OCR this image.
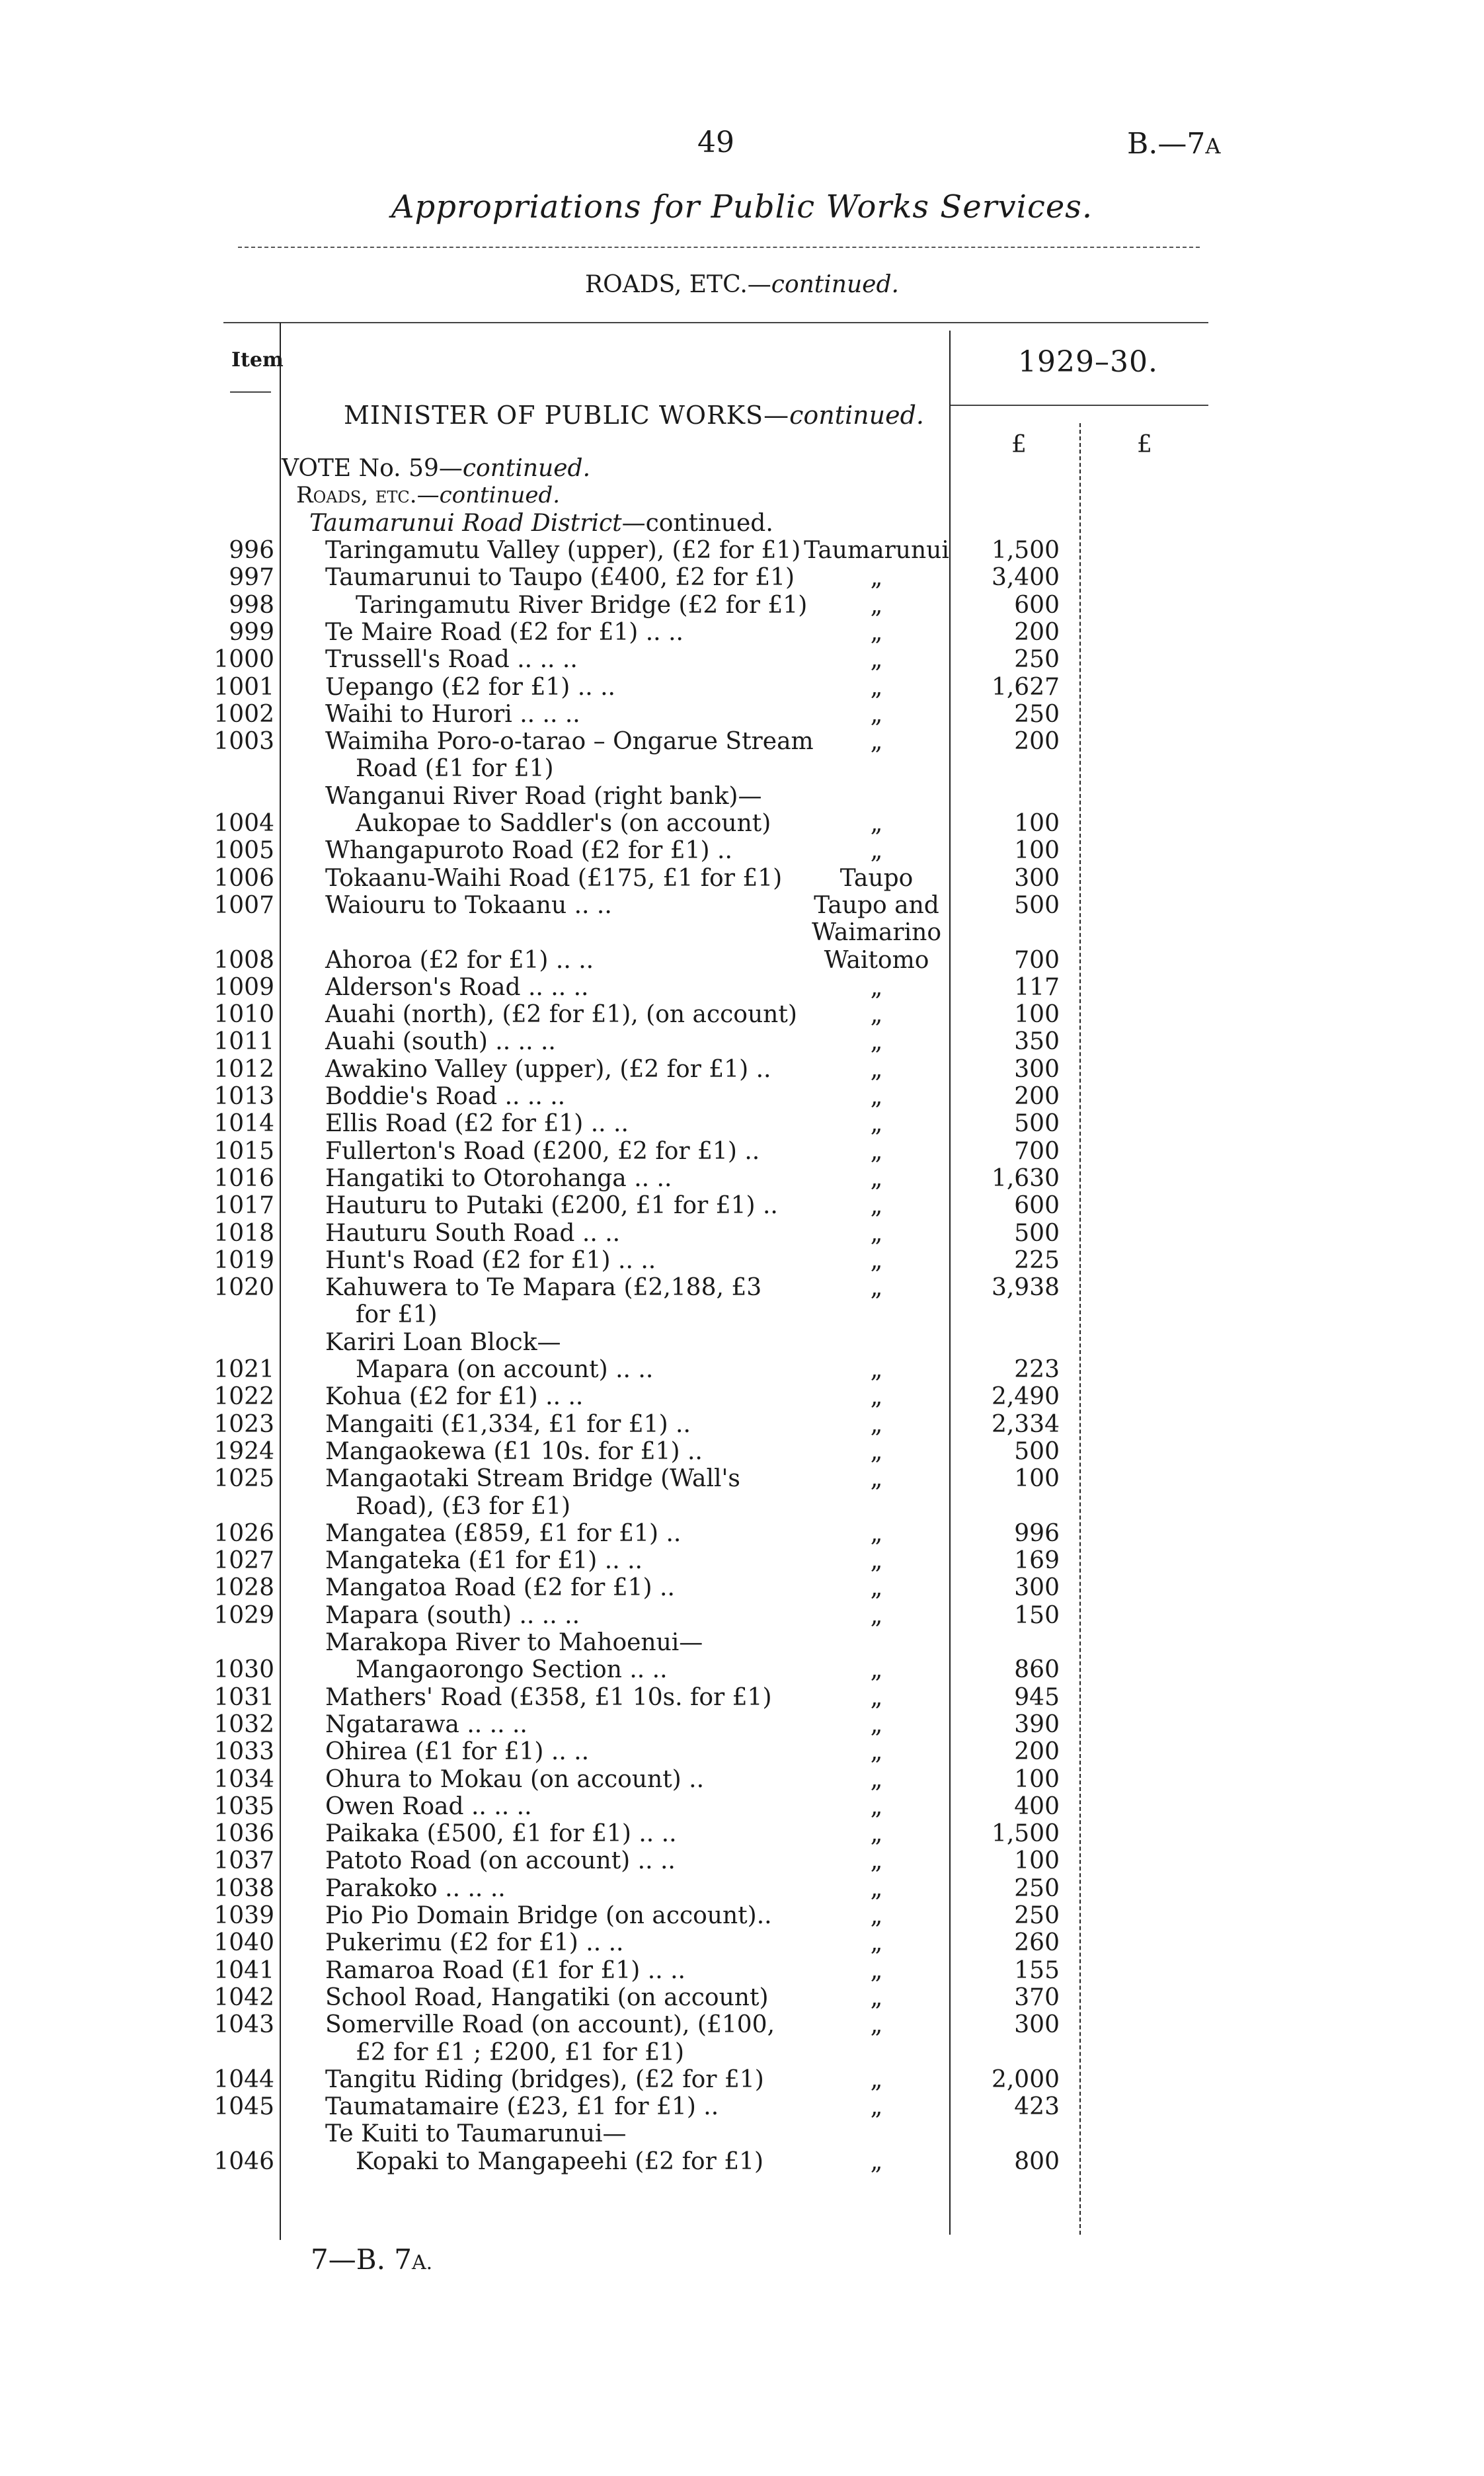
49	B.—7A
Appropriations for Public Works Services.
ROADS, ETC.—continued.
Item	1929–30.
£	£
MINISTER OF PUBLIC WORKS—continued.
VOTE No. 59—continued.
Roads, etc.—continued.
Taumarunui Road District—continued.
996 Taringamutu Valley (upper), (£2 for £1) Taumarunui 1,500
997 Taumarunui to Taupo (£400, £2 for £1)	„	3,400
998	Taringamutu River Bridge (£2 for £1)	„	600
999 Te Maire Road (£2 for £1) .. ..	„	200
1000 Trussell's Road .. .. ..	„	250
1001 Uepango (£2 for £1) .. ..	„	1,627
1002 Waihi to Hurori .. .. ..	„	250
1003 Waimiha Poro-o-tarao – Ongarue Stream	„	200
Road (£1 for £1)
Wanganui River Road (right bank)—
1004	Aukopae to Saddler's (on account)	„	100
1005 Whangapuroto Road (£2 for £1) ..	„	100
1006 Tokaanu-Waihi Road (£175, £1 for £1)	Taupo	300
1007 Waiouru to Tokaanu .. ..	Taupo and	500
Waimarino
1008 Ahoroa (£2 for £1) .. ..	Waitomo	700
1009 Alderson's Road .. .. ..	„	117
1010 Auahi (north), (£2 for £1), (on account)	„	100
1011 Auahi (south) .. .. ..	„	350
1012 Awakino Valley (upper), (£2 for £1) ..	„	300
1013 Boddie's Road .. .. ..	„	200
1014 Ellis Road (£2 for £1) .. ..	„	500
1015 Fullerton's Road (£200, £2 for £1) ..	„	700
1016 Hangatiki to Otorohanga .. ..	„	1,630
1017 Hauturu to Putaki (£200, £1 for £1) ..	„	600
1018 Hauturu South Road .. ..	„	500
1019 Hunt's Road (£2 for £1) .. ..	„	225
1020 Kahuwera to Te Mapara (£2,188, £3	„	3,938
for £1)
Kariri Loan Block—
1021	Mapara (on account) .. ..	„	223
1022 Kohua (£2 for £1) .. ..	„	2,490
1023 Mangaiti (£1,334, £1 for £1) ..	„	2,334
1924 Mangaokewa (£1 10s. for £1) ..	„	500
1025 Mangaotaki Stream Bridge (Wall's	„	100
Road), (£3 for £1)
1026 Mangatea (£859, £1 for £1) ..	„	996
1027 Mangateka (£1 for £1) .. ..	„	169
1028 Mangatoa Road (£2 for £1) ..	„	300
1029 Mapara (south) .. .. ..	„	150
Marakopa River to Mahoenui—
1030	Mangaorongo Section .. ..	„	860
1031 Mathers' Road (£358, £1 10s. for £1)	„	945
1032 Ngatarawa .. .. ..	„	390
1033 Ohirea (£1 for £1) .. ..	„	200
1034 Ohura to Mokau (on account) ..	„	100
1035 Owen Road .. .. ..	„	400
1036 Paikaka (£500, £1 for £1) .. ..	„	1,500
1037 Patoto Road (on account) .. ..	„	100
1038 Parakoko .. .. ..	„	250
1039 Pio Pio Domain Bridge (on account)..	„	250
1040 Pukerimu (£2 for £1) .. ..	„	260
1041 Ramaroa Road (£1 for £1) .. ..	„	155
1042 School Road, Hangatiki (on account)	„	370
1043 Somerville Road (on account), (£100,	„	300
£2 for £1 ; £200, £1 for £1)
1044 Tangitu Riding (bridges), (£2 for £1)	„	2,000
1045 Taumatamaire (£23, £1 for £1) ..	„	423
Te Kuiti to Taumarunui—
1046	Kopaki to Mangapeehi (£2 for £1)	„	800
7—B. 7A.
